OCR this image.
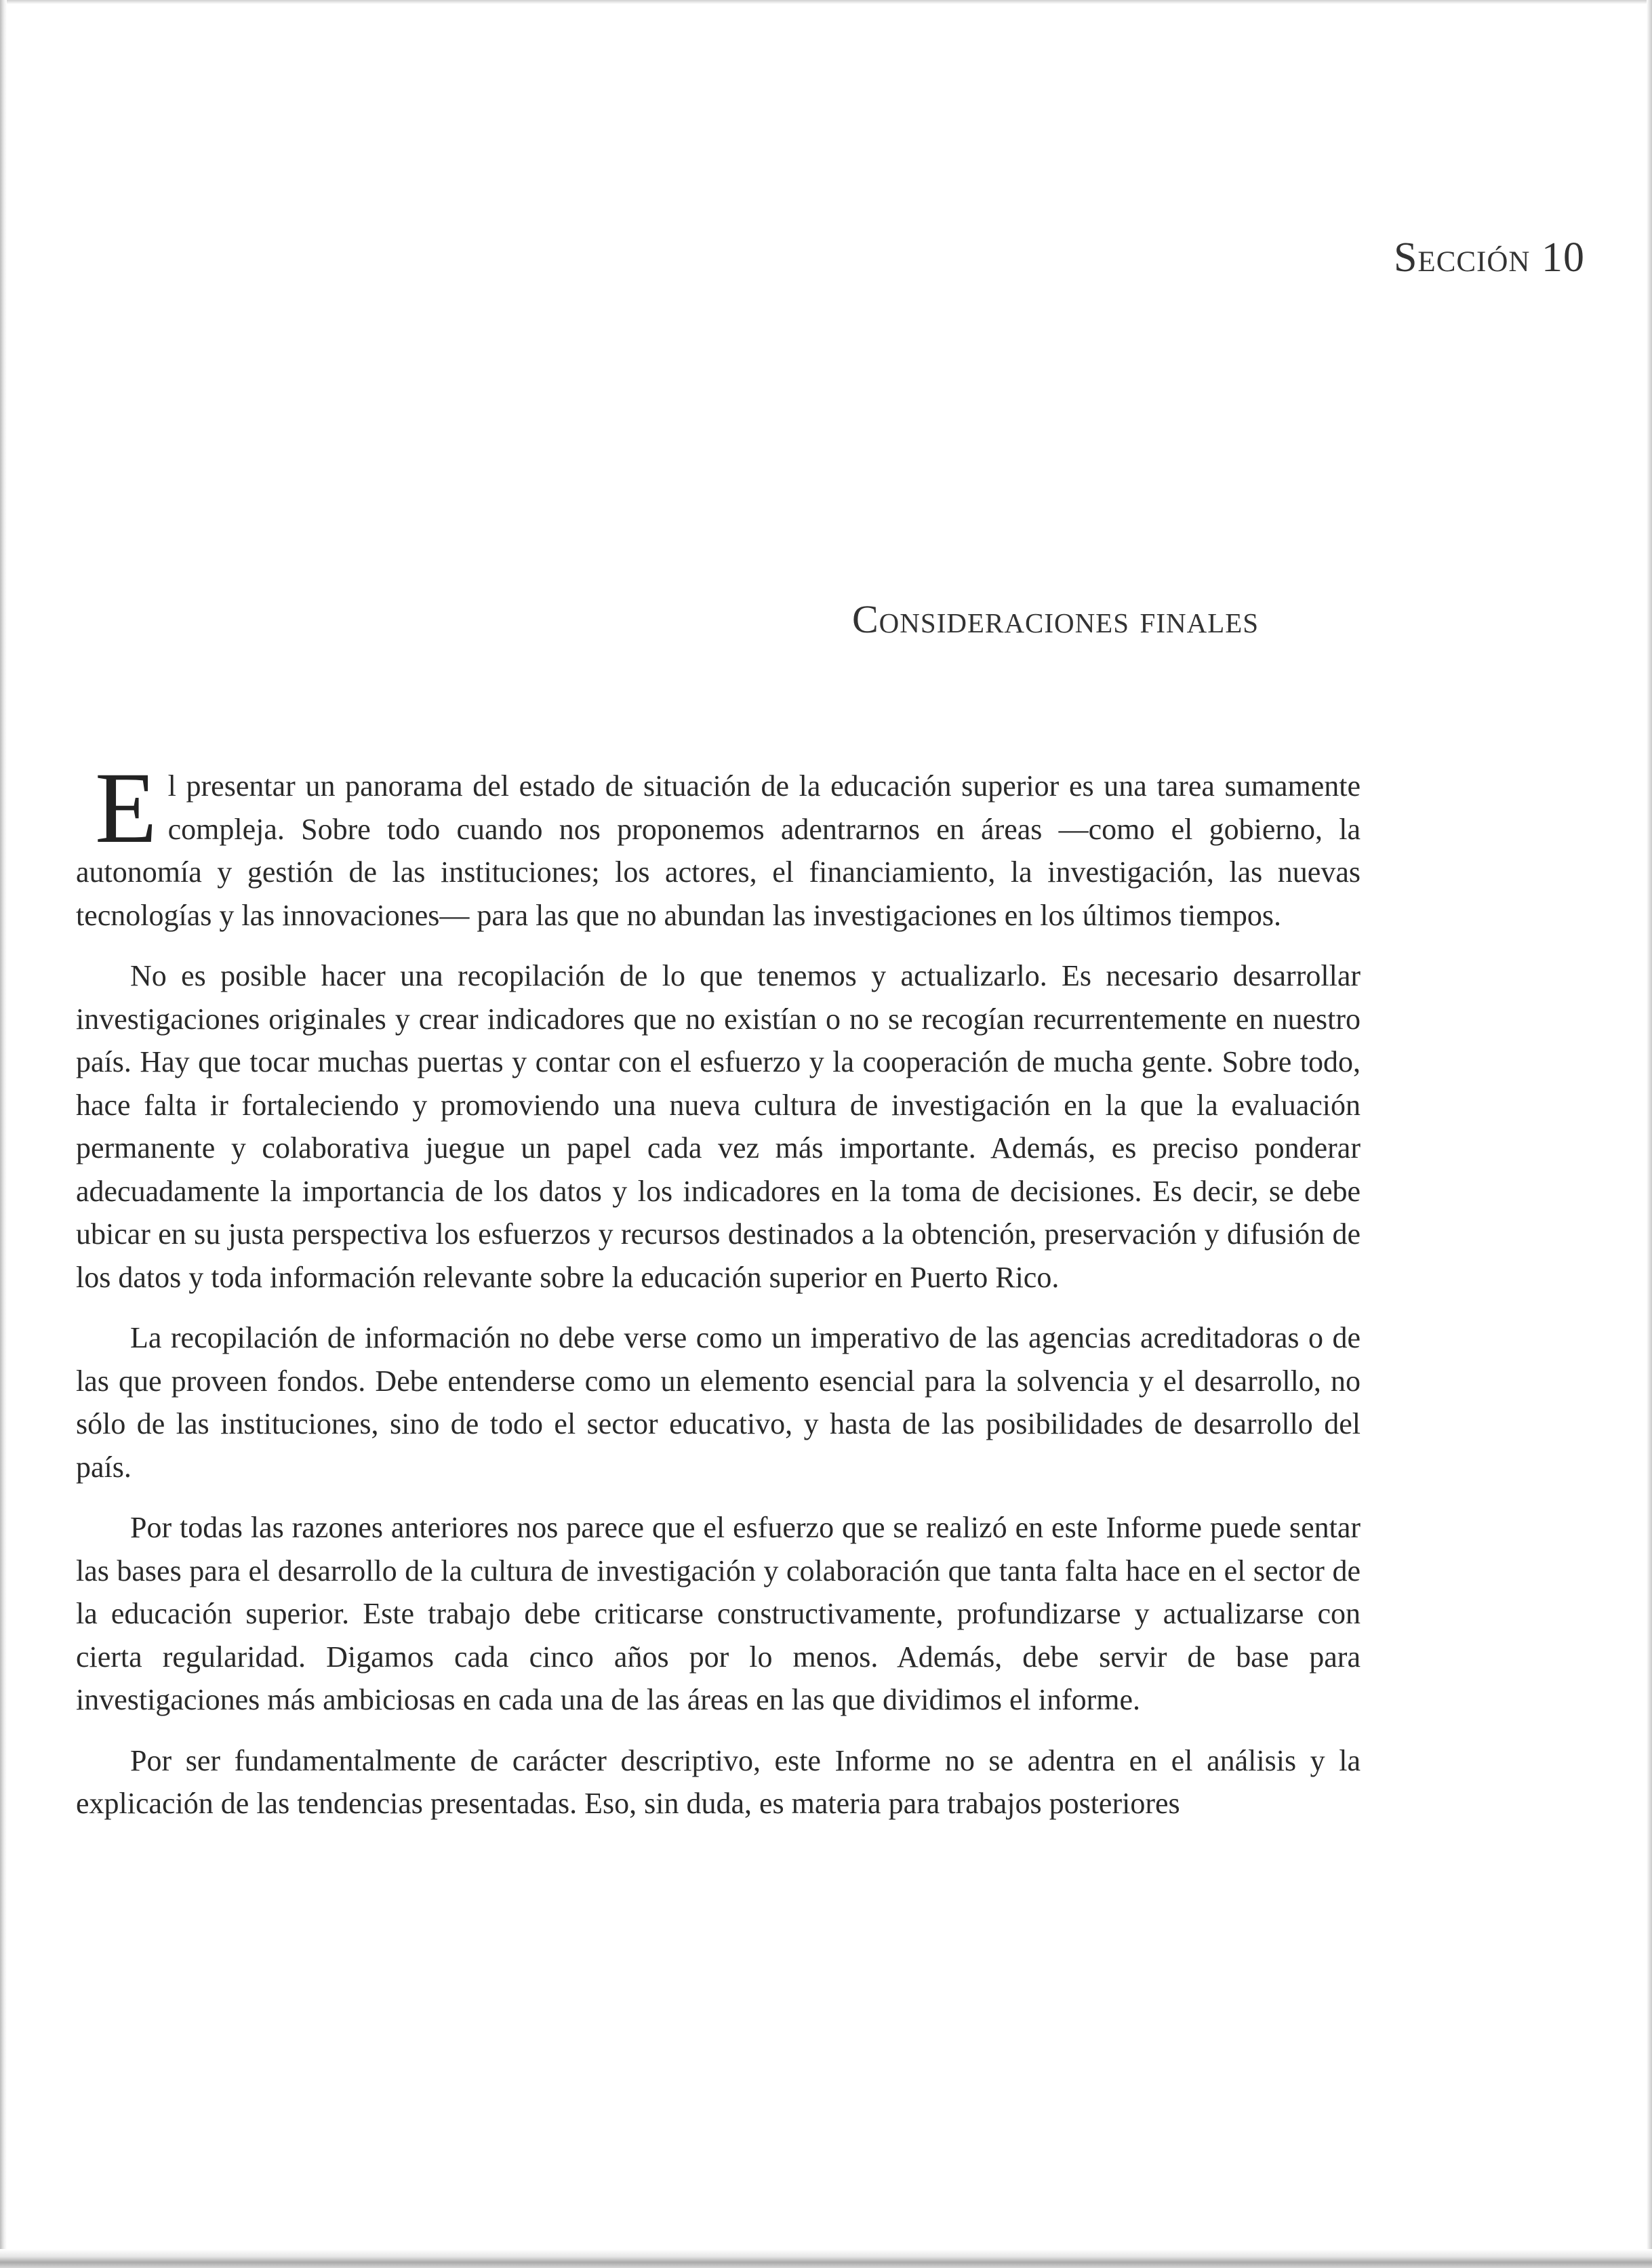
Sección 10
Consideraciones finales

El presentar un panorama del estado de situación de la educación superior es una tarea sumamente compleja. Sobre todo cuando nos proponemos adentrarnos en áreas —como el gobierno, la autonomía y gestión de las instituciones; los actores, el financiamiento, la investigación, las nuevas tecnologías y las innovaciones— para las que no abundan las investigaciones en los últimos tiempos.

No es posible hacer una recopilación de lo que tenemos y actualizarlo. Es necesario desarrollar investigaciones originales y crear indicadores que no existían o no se recogían recurrentemente en nuestro país. Hay que tocar muchas puertas y contar con el esfuerzo y la cooperación de mucha gente. Sobre todo, hace falta ir fortaleciendo y promoviendo una nueva cultura de investigación en la que la evaluación permanente y colaborativa juegue un papel cada vez más importante. Además, es preciso ponderar adecuadamente la importancia de los datos y los indicadores en la toma de decisiones. Es decir, se debe ubicar en su justa perspectiva los esfuerzos y recursos destinados a la obtención, preservación y difusión de los datos y toda información relevante sobre la educación superior en Puerto Rico.

La recopilación de información no debe verse como un imperativo de las agencias acreditadoras o de las que proveen fondos. Debe entenderse como un elemento esencial para la solvencia y el desarrollo, no sólo de las instituciones, sino de todo el sector educativo, y hasta de las posibilidades de desarrollo del país.

Por todas las razones anteriores nos parece que el esfuerzo que se realizó en este Informe puede sentar las bases para el desarrollo de la cultura de investigación y colaboración que tanta falta hace en el sector de la educación superior. Este trabajo debe criticarse constructivamente, profundizarse y actualizarse con cierta regularidad. Digamos cada cinco años por lo menos. Además, debe servir de base para investigaciones más ambiciosas en cada una de las áreas en las que dividimos el informe.

Por ser fundamentalmente de carácter descriptivo, este Informe no se adentra en el análisis y la explicación de las tendencias presentadas. Eso, sin duda, es materia para trabajos posteriores
